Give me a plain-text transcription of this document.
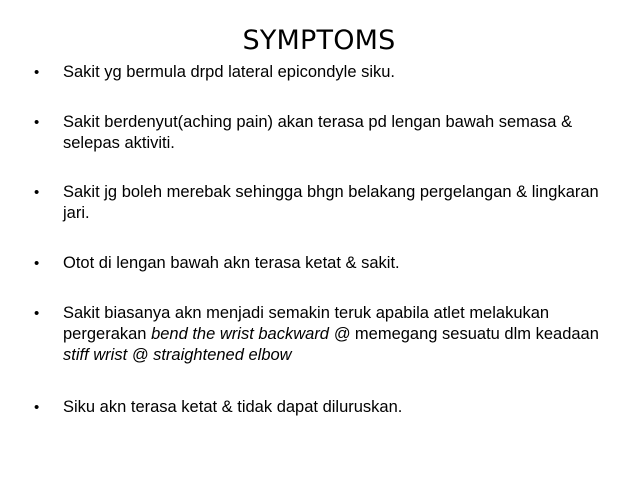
SYMPTOMS
• Sakit yg bermula drpd lateral epicondyle siku.
• Sakit berdenyut(aching pain) akan terasa pd lengan bawah semasa & selepas aktiviti.
• Sakit jg boleh merebak sehingga bhgn belakang pergelangan & lingkaran jari.
• Otot di lengan bawah akn terasa ketat & sakit.
• Sakit biasanya akn menjadi semakin teruk apabila atlet melakukan pergerakan bend the wrist backward @ memegang sesuatu dlm keadaan stiff wrist @ straightened elbow
• Siku akn terasa ketat & tidak dapat diluruskan.
